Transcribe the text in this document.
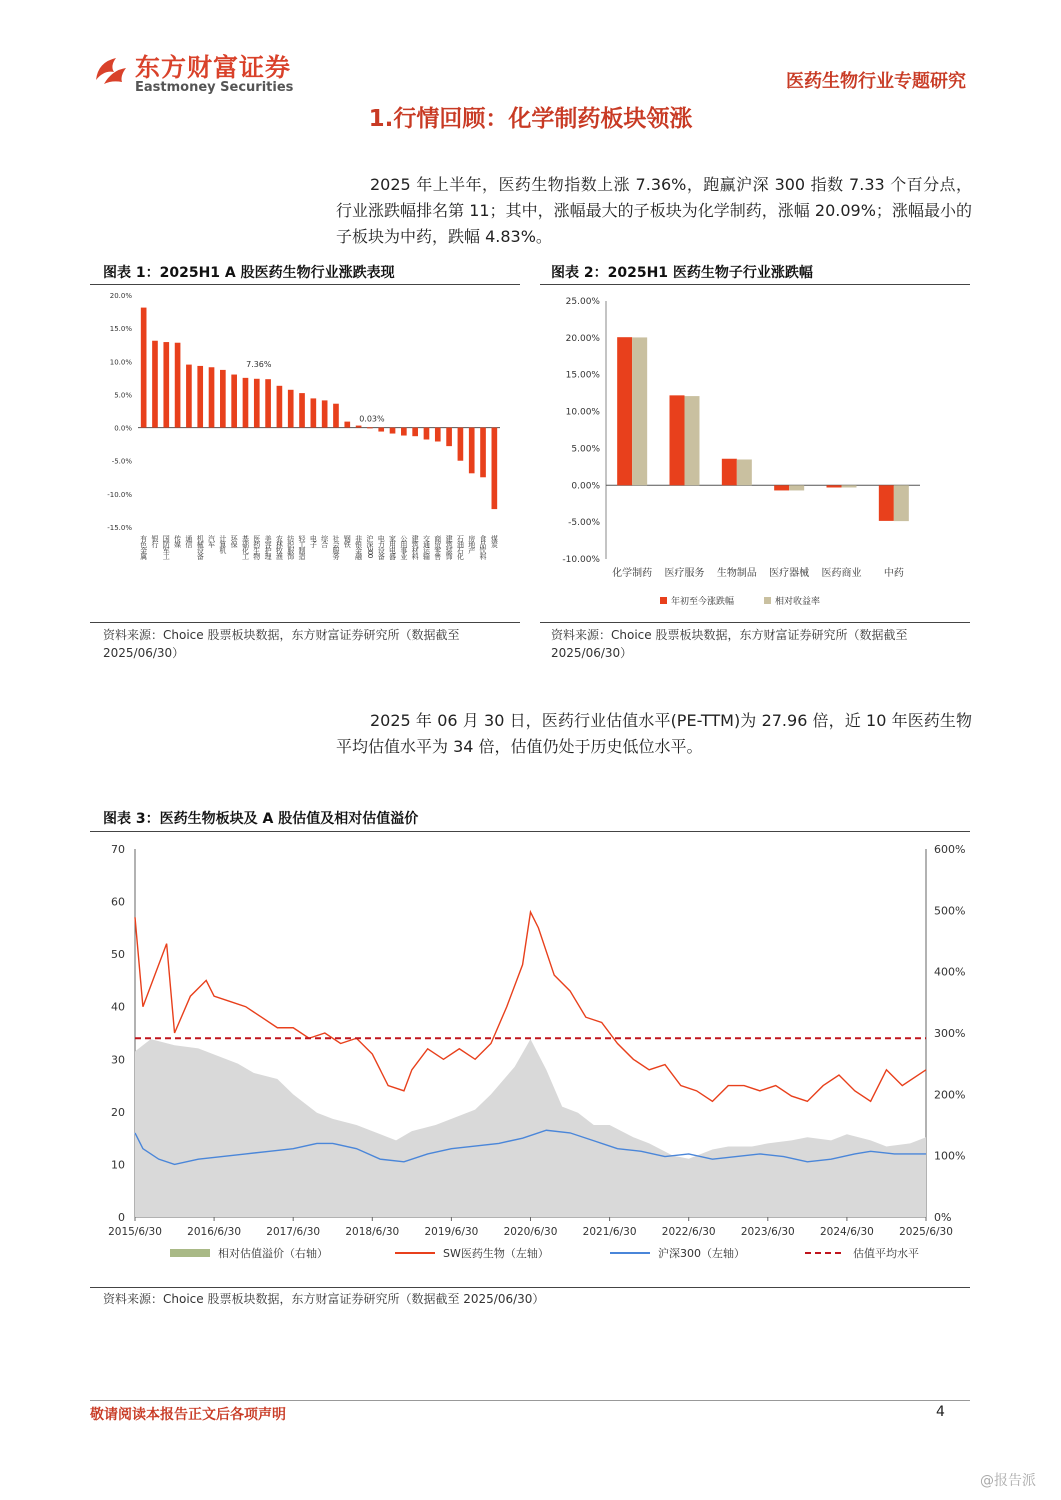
东方财富证券
Eastmoney Securities	医药生物行业专题研究
1.行情回顾：化学制药板块领涨
2025 年上半年，医药生物指数上涨 7.36%，跑赢沪深 300 指数 7.33 个百分点，行业涨跌幅排名第 11；其中，涨幅最大的子板块为化学制药，涨幅 20.09%；涨幅最小的子板块为中药，跌幅 4.83%。
图表 1：2025H1 A 股医药生物行业涨跌表现
20.0%
15.0%
10.0%
5.0%
0.0%
-5.0%
-10.0%
-15.0%
有色金属 银行 国防军工 传媒 通信 机械设备 汽车 计算机 环保 基础化工 医药生物
7.36%
美容护理 农林牧渔 纺织服饰 轻工制造 电子 综合 社会服务 钢铁 非银金融 沪深300
0.03%
电力设备 家用电器 公用事业 建筑材料 交通运输 商贸零售 建筑装饰 石油石化 房地产 食品饮料 煤炭
资料来源：Choice 股票板块数据，东方财富证券研究所（数据截至
2025/06/30）
图表 2：2025H1 医药生物子行业涨跌幅
25.00%
20.00%
15.00%
10.00%
5.00%
0.00%
-5.00%
-10.00%
化学制药 医疗服务 生物制品 医疗器械 医药商业 中药
年初至今涨跌幅	相对收益率
资料来源：Choice 股票板块数据，东方财富证券研究所（数据截至
2025/06/30）
2025 年 06 月 30 日，医药行业估值水平(PE-TTM)为 27.96 倍，近 10 年医药生物平均估值水平为 34 倍，估值仍处于历史低位水平。
图表 3：医药生物板块及 A 股估值及相对估值溢价
0
10
20
30
40
50
60
70
0%
100%
200%
300%
400%
500%
600%
2015/6/30 2016/6/30 2017/6/30 2018/6/30 2019/6/30 2020/6/30 2021/6/30 2022/6/30 2023/6/30 2024/6/30 2025/6/30
相对估值溢价（右轴）	SW医药生物（左轴）	沪深300（左轴）	估值平均水平
资料来源：Choice 股票板块数据，东方财富证券研究所（数据截至 2025/06/30）
敬请阅读本报告正文后各项声明	4
@报告派
